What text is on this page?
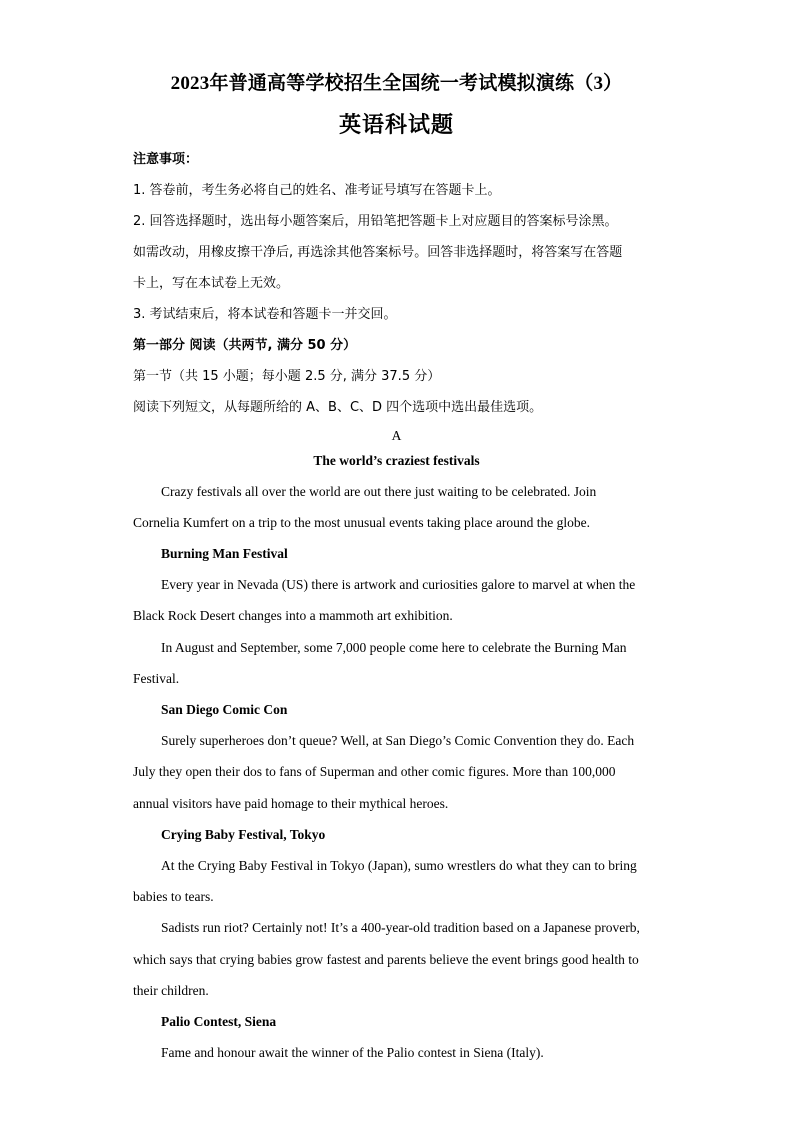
2023年普通高等学校招生全国统一考试模拟演练（3）
英语科试题
注意事项：
1. 答卷前，考生务必将自己的姓名、准考证号填写在答题卡上。
2. 回答选择题时，选出每小题答案后，用铅笔把答题卡上对应题目的答案标号涂黑。
如需改动，用橡皮擦干净后, 再选涂其他答案标号。回答非选择题时，将答案写在答题
卡上，写在本试卷上无效。
3. 考试结束后，将本试卷和答题卡一并交回。
第一部分 阅读（共两节, 满分 50 分）
第一节（共 15 小题；每小题 2.5 分, 满分 37.5 分）
阅读下列短文，从每题所给的 A、B、C、D 四个选项中选出最佳选项。
A
The world’s craziest festivals
Crazy festivals all over the world are out there just waiting to be celebrated. Join
Cornelia Kumfert on a trip to the most unusual events taking place around the globe.
Burning Man Festival
Every year in Nevada (US) there is artwork and curiosities galore to marvel at when the
Black Rock Desert changes into a mammoth art exhibition.
In August and September, some 7,000 people come here to celebrate the Burning Man
Festival.
San Diego Comic Con
Surely superheroes don’t queue? Well, at San Diego’s Comic Convention they do. Each
July they open their dos to fans of Superman and other comic figures. More than 100,000
annual visitors have paid homage to their mythical heroes.
Crying Baby Festival, Tokyo
At the Crying Baby Festival in Tokyo (Japan), sumo wrestlers do what they can to bring
babies to tears.
Sadists run riot? Certainly not! It’s a 400-year-old tradition based on a Japanese proverb,
which says that crying babies grow fastest and parents believe the event brings good health to
their children.
Palio Contest, Siena
Fame and honour await the winner of the Palio contest in Siena (Italy).
